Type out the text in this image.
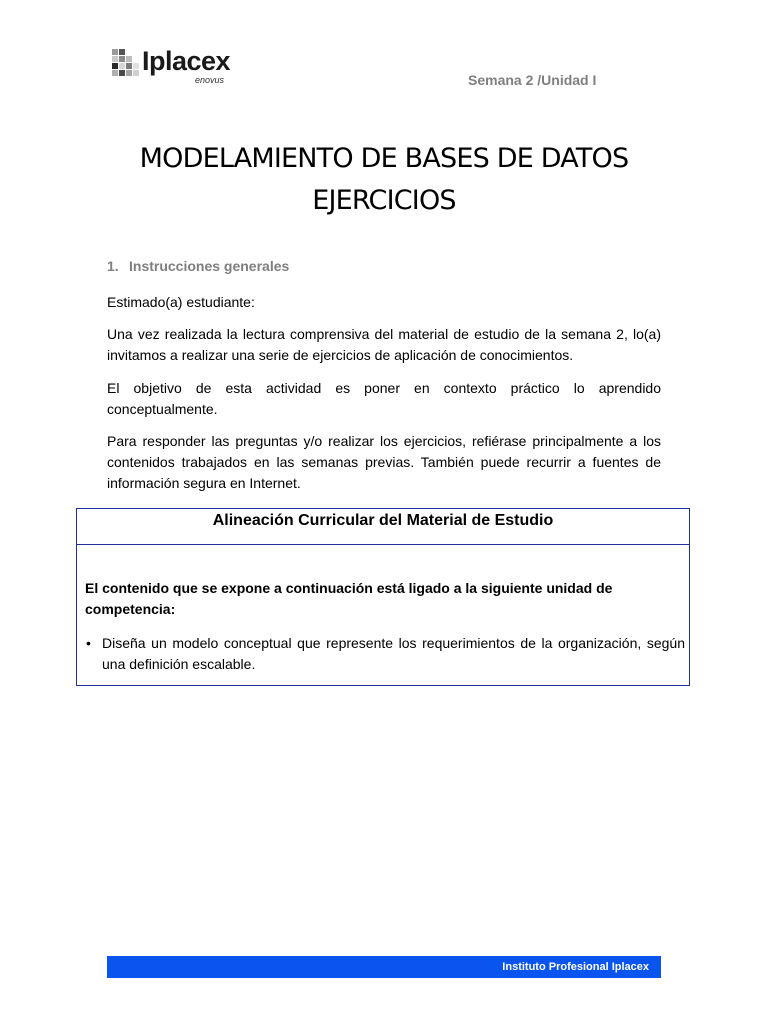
Iplacex
enovus	Semana 2 /Unidad I
MODELAMIENTO DE BASES DE DATOS
EJERCICIOS
1. Instrucciones generales
Estimado(a) estudiante:
Una vez realizada la lectura comprensiva del material de estudio de la semana 2, lo(a) invitamos a realizar una serie de ejercicios de aplicación de conocimientos.
El objetivo de esta actividad es poner en contexto práctico lo aprendido conceptualmente.
Para responder las preguntas y/o realizar los ejercicios, refiérase principalmente a los contenidos trabajados en las semanas previas. También puede recurrir a fuentes de información segura en Internet.
Alineación Curricular del Material de Estudio
El contenido que se expone a continuación está ligado a la siguiente unidad de competencia:
• Diseña un modelo conceptual que represente los requerimientos de la organización, según una definición escalable.
Instituto Profesional Iplacex
